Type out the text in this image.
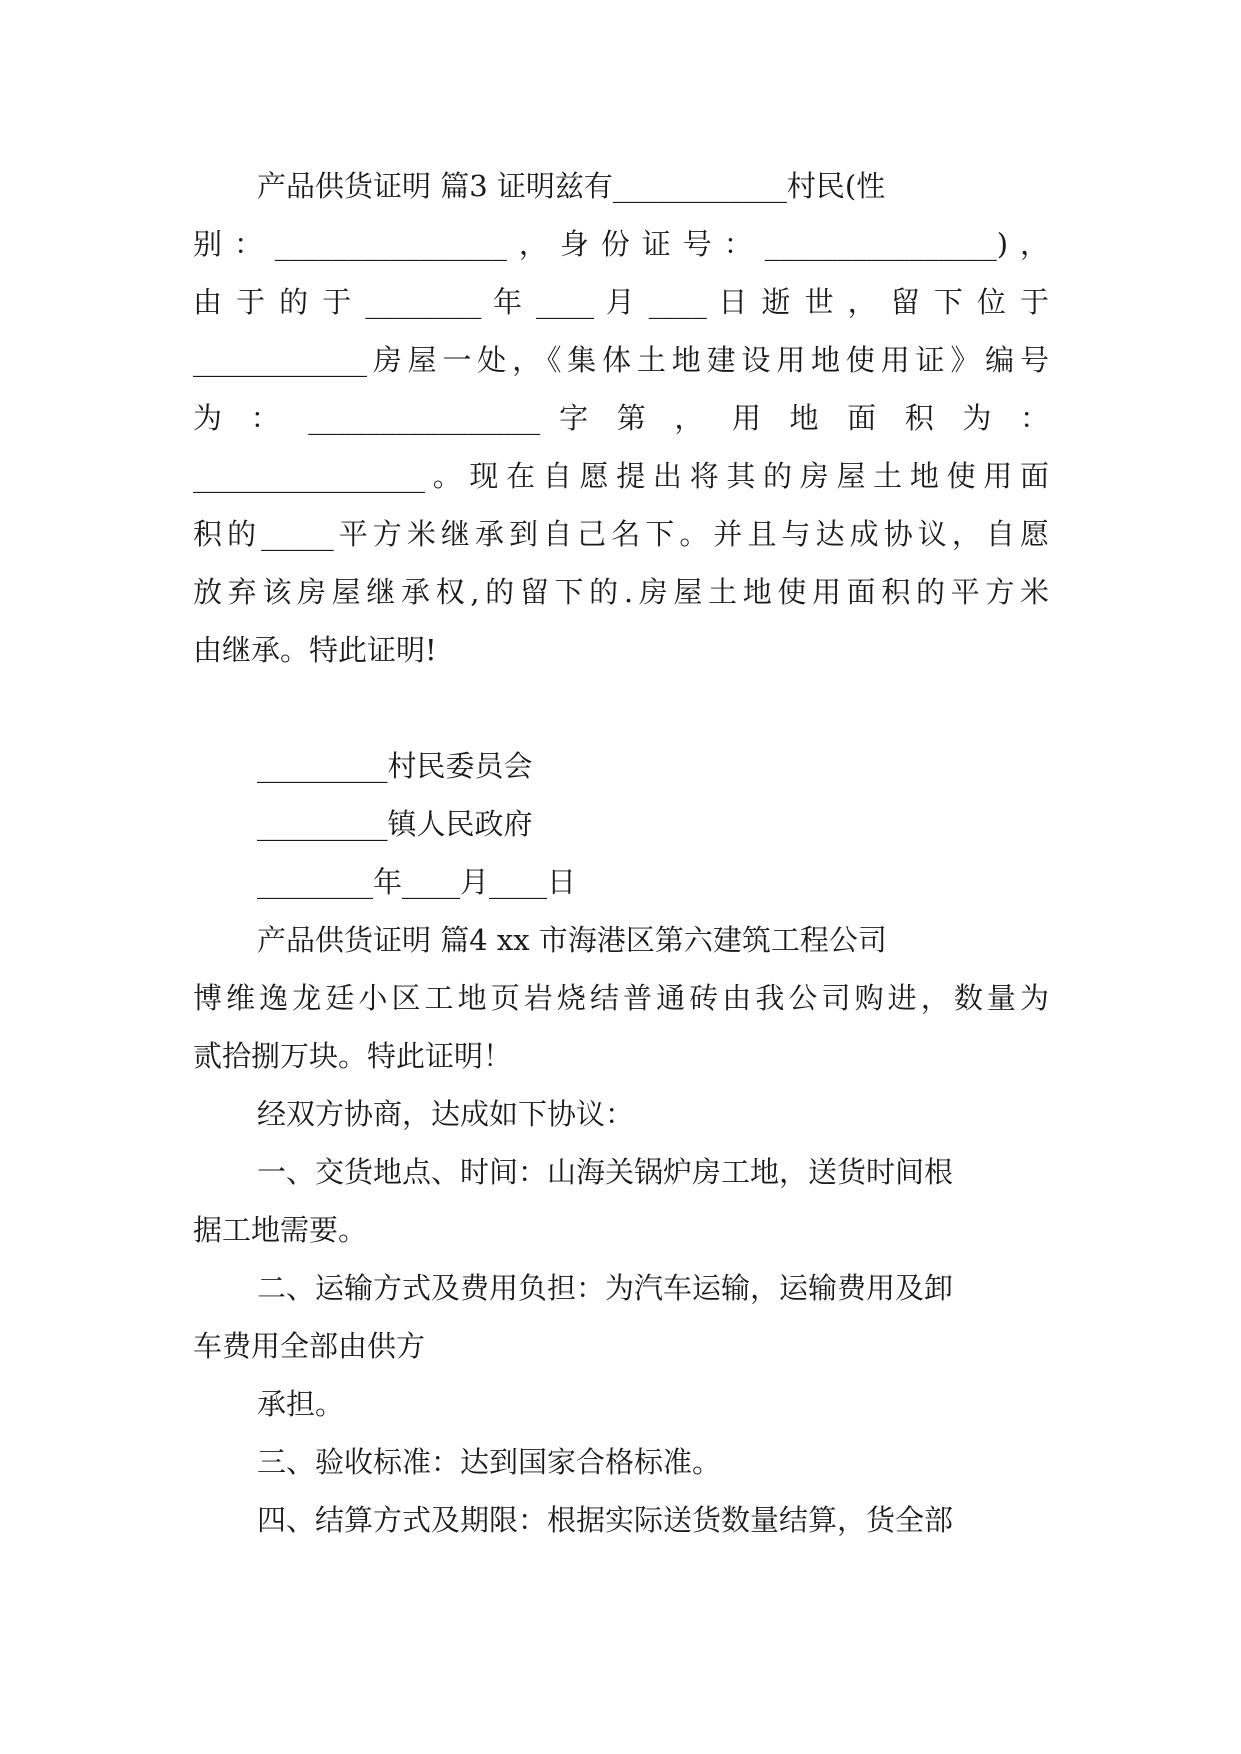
产品供货证明 篇3 证明兹有____________村民(性
别：________________，身份证号：________________)，
由 于 的 于 ________ 年 ____ 月 ____ 日 逝 世 ， 留 下 位 于
____________房屋一处，《集体土地建设用地使用证》编号
为 ： ________________ 字 第 ， 用 地 面 积 为 ：
________________。现在自愿提出将其的房屋土地使用面
积的_____平方米继承到自己名下。并且与达成协议，自愿
放弃该房屋继承权,的留下的.房屋土地使用面积的平方米
由继承。特此证明!
_________村民委员会
_________镇人民政府
________年____月____日
产品供货证明 篇4 xx 市海港区第六建筑工程公司
博维逸龙廷小区工地页岩烧结普通砖由我公司购进，数量为
贰拾捌万块。特此证明！
经双方协商，达成如下协议：
一、交货地点、时间：山海关锅炉房工地，送货时间根
据工地需要。
二、运输方式及费用负担：为汽车运输，运输费用及卸
车费用全部由供方
承担。
三、验收标准：达到国家合格标准。
四、结算方式及期限：根据实际送货数量结算，货全部
